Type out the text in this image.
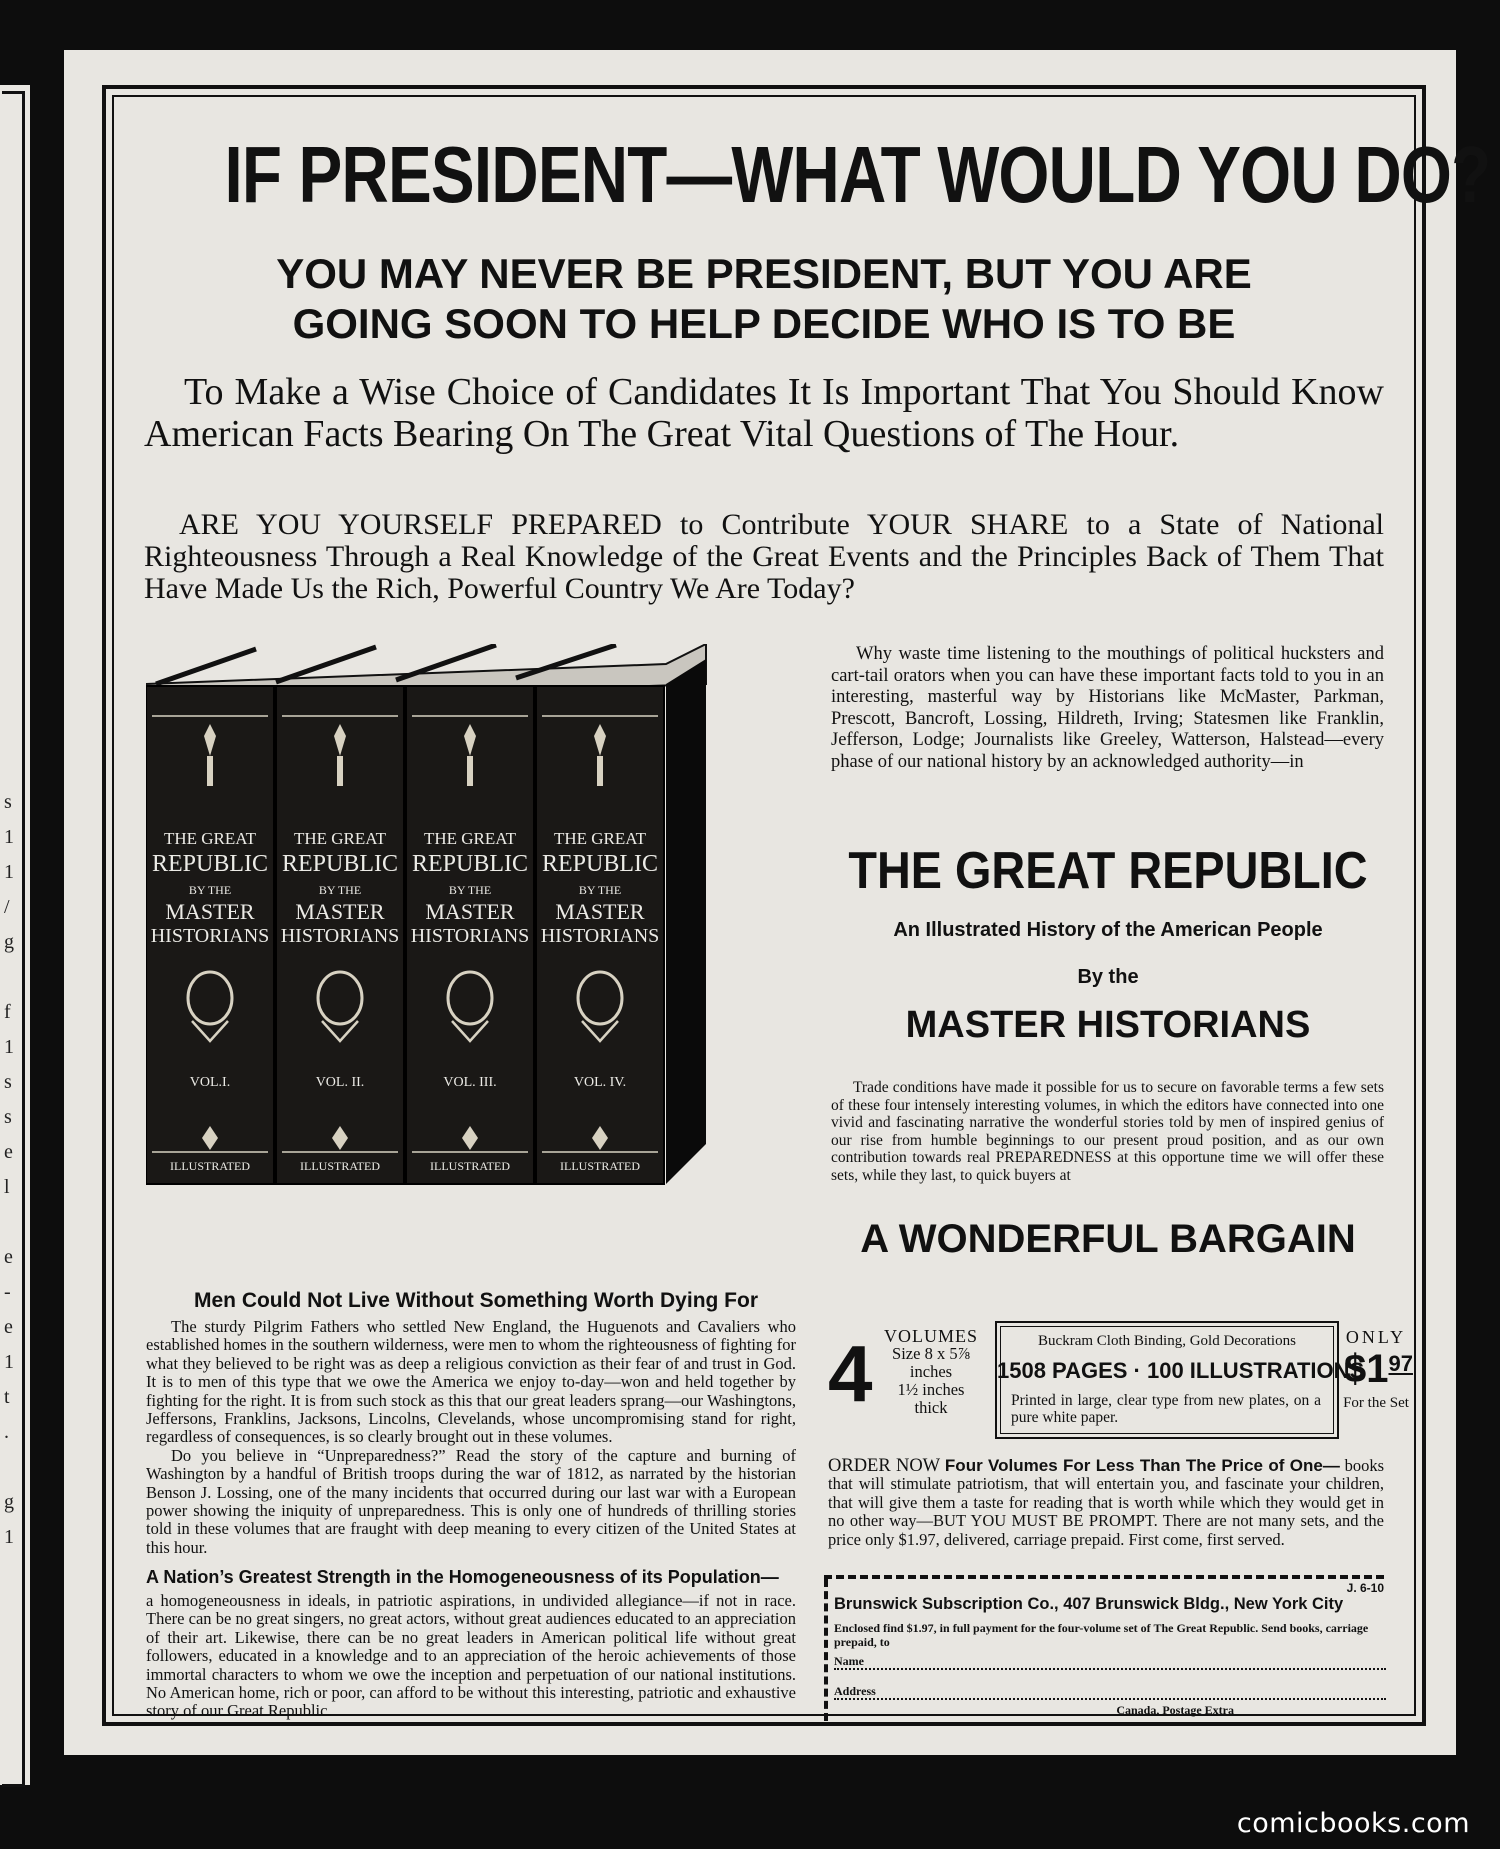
s
1
1
/
g

f
1
s
s
e
l

e
-
e
1
t
.

g
1
IF PRESIDENT—WHAT WOULD YOU DO?
YOU MAY NEVER BE PRESIDENT, BUT YOU ARE
GOING SOON TO HELP DECIDE WHO IS TO BE
To Make a Wise Choice of Candidates It Is Important That You Should Know American Facts Bearing On The Great Vital Questions of The Hour.
ARE YOU YOURSELF PREPARED to Contribute YOUR SHARE to a State of National Righteousness Through a Real Knowledge of the Great Events and the Principles Back of Them That Have Made Us the Rich, Powerful Country We Are Today?
THE GREAT
REPUBLIC
BY THE
MASTER
HISTORIANS
VOL.I.
ILLUSTRATED
THE GREAT
REPUBLIC
BY THE
MASTER
HISTORIANS
VOL. II.
ILLUSTRATED
THE GREAT
REPUBLIC
BY THE
MASTER
HISTORIANS
VOL. III.
ILLUSTRATED
THE GREAT
REPUBLIC
BY THE
MASTER
HISTORIANS
VOL. IV.
ILLUSTRATED
Men Could Not Live Without Something Worth Dying For

The sturdy Pilgrim Fathers who settled New England, the Huguenots and Cavaliers who established homes in the southern wilderness, were men to whom the righteousness of fighting for what they believed to be right was as deep a religious conviction as their fear of and trust in God. It is to men of this type that we owe the America we enjoy to-day—won and held together by fighting for the right. It is from such stock as this that our great leaders sprang—our Washingtons, Jeffersons, Franklins, Jacksons, Lincolns, Clevelands, whose uncompromising stand for right, regardless of consequences, is so clearly brought out in these volumes.

Do you believe in “Unpreparedness?” Read the story of the capture and burning of Washington by a handful of British troops during the war of 1812, as narrated by the historian Benson J. Lossing, one of the many incidents that occurred during our last war with a European power showing the iniquity of unpreparedness. This is only one of hundreds of thrilling stories told in these volumes that are fraught with deep meaning to every citizen of the United States at this hour.

A Nation’s Greatest Strength in the Homogeneousness of its Population—
a homogeneousness in ideals, in patriotic aspirations, in undivided allegiance—if not in race. There can be no great singers, no great actors, without great audiences educated to an appreciation of their art. Likewise, there can be no great leaders in American political life without great followers, educated in a knowledge and to an appreciation of the heroic achievements of those immortal characters to whom we owe the inception and perpetuation of our national institutions. No American home, rich or poor, can afford to be without this interesting, patriotic and exhaustive story of our Great Republic.
Why waste time listening to the mouthings of political hucksters and cart-tail orators when you can have these important facts told to you in an interesting, masterful way by Historians like McMaster, Parkman, Prescott, Bancroft, Lossing, Hildreth, Irving; Statesmen like Franklin, Jefferson, Lodge; Journalists like Greeley, Watterson, Halstead—every phase of our national history by an acknowledged authority—in
THE GREAT REPUBLIC
An Illustrated History of the American People
By the
MASTER HISTORIANS
Trade conditions have made it possible for us to secure on favorable terms a few sets of these four intensely interesting volumes, in which the editors have connected into one vivid and fascinating narrative the wonderful stories told by men of inspired genius of our rise from humble beginnings to our present proud position, and as our own contribution towards real PREPAREDNESS at this opportune time we will offer these sets, while they last, to quick buyers at
A WONDERFUL BARGAIN
4 VOLUMES
Size 8 x 5⅞
inches
1½ inches
thick
Buckram Cloth Binding, Gold Decorations
1508 PAGES · 100 ILLUSTRATIONS
Printed in large, clear type from new plates, on a pure white paper.
ONLY
$\$1^{97}$
For the Set
ORDER NOW Four Volumes For Less Than The Price of One— books that will stimulate patriotism, that will entertain you, and fascinate your children, that will give them a taste for reading that is worth while which they would get in no other way—BUT YOU MUST BE PROMPT. There are not many sets, and the price only $1.97, delivered, carriage prepaid. First come, first served.
J. 6-10
Brunswick Subscription Co., 407 Brunswick Bldg., New York City
Enclosed find $1.97, in full payment for the four-volume set of The Great Republic. Send books, carriage prepaid, to
Name
Address
Canada, Postage Extra
comicbooks.com
